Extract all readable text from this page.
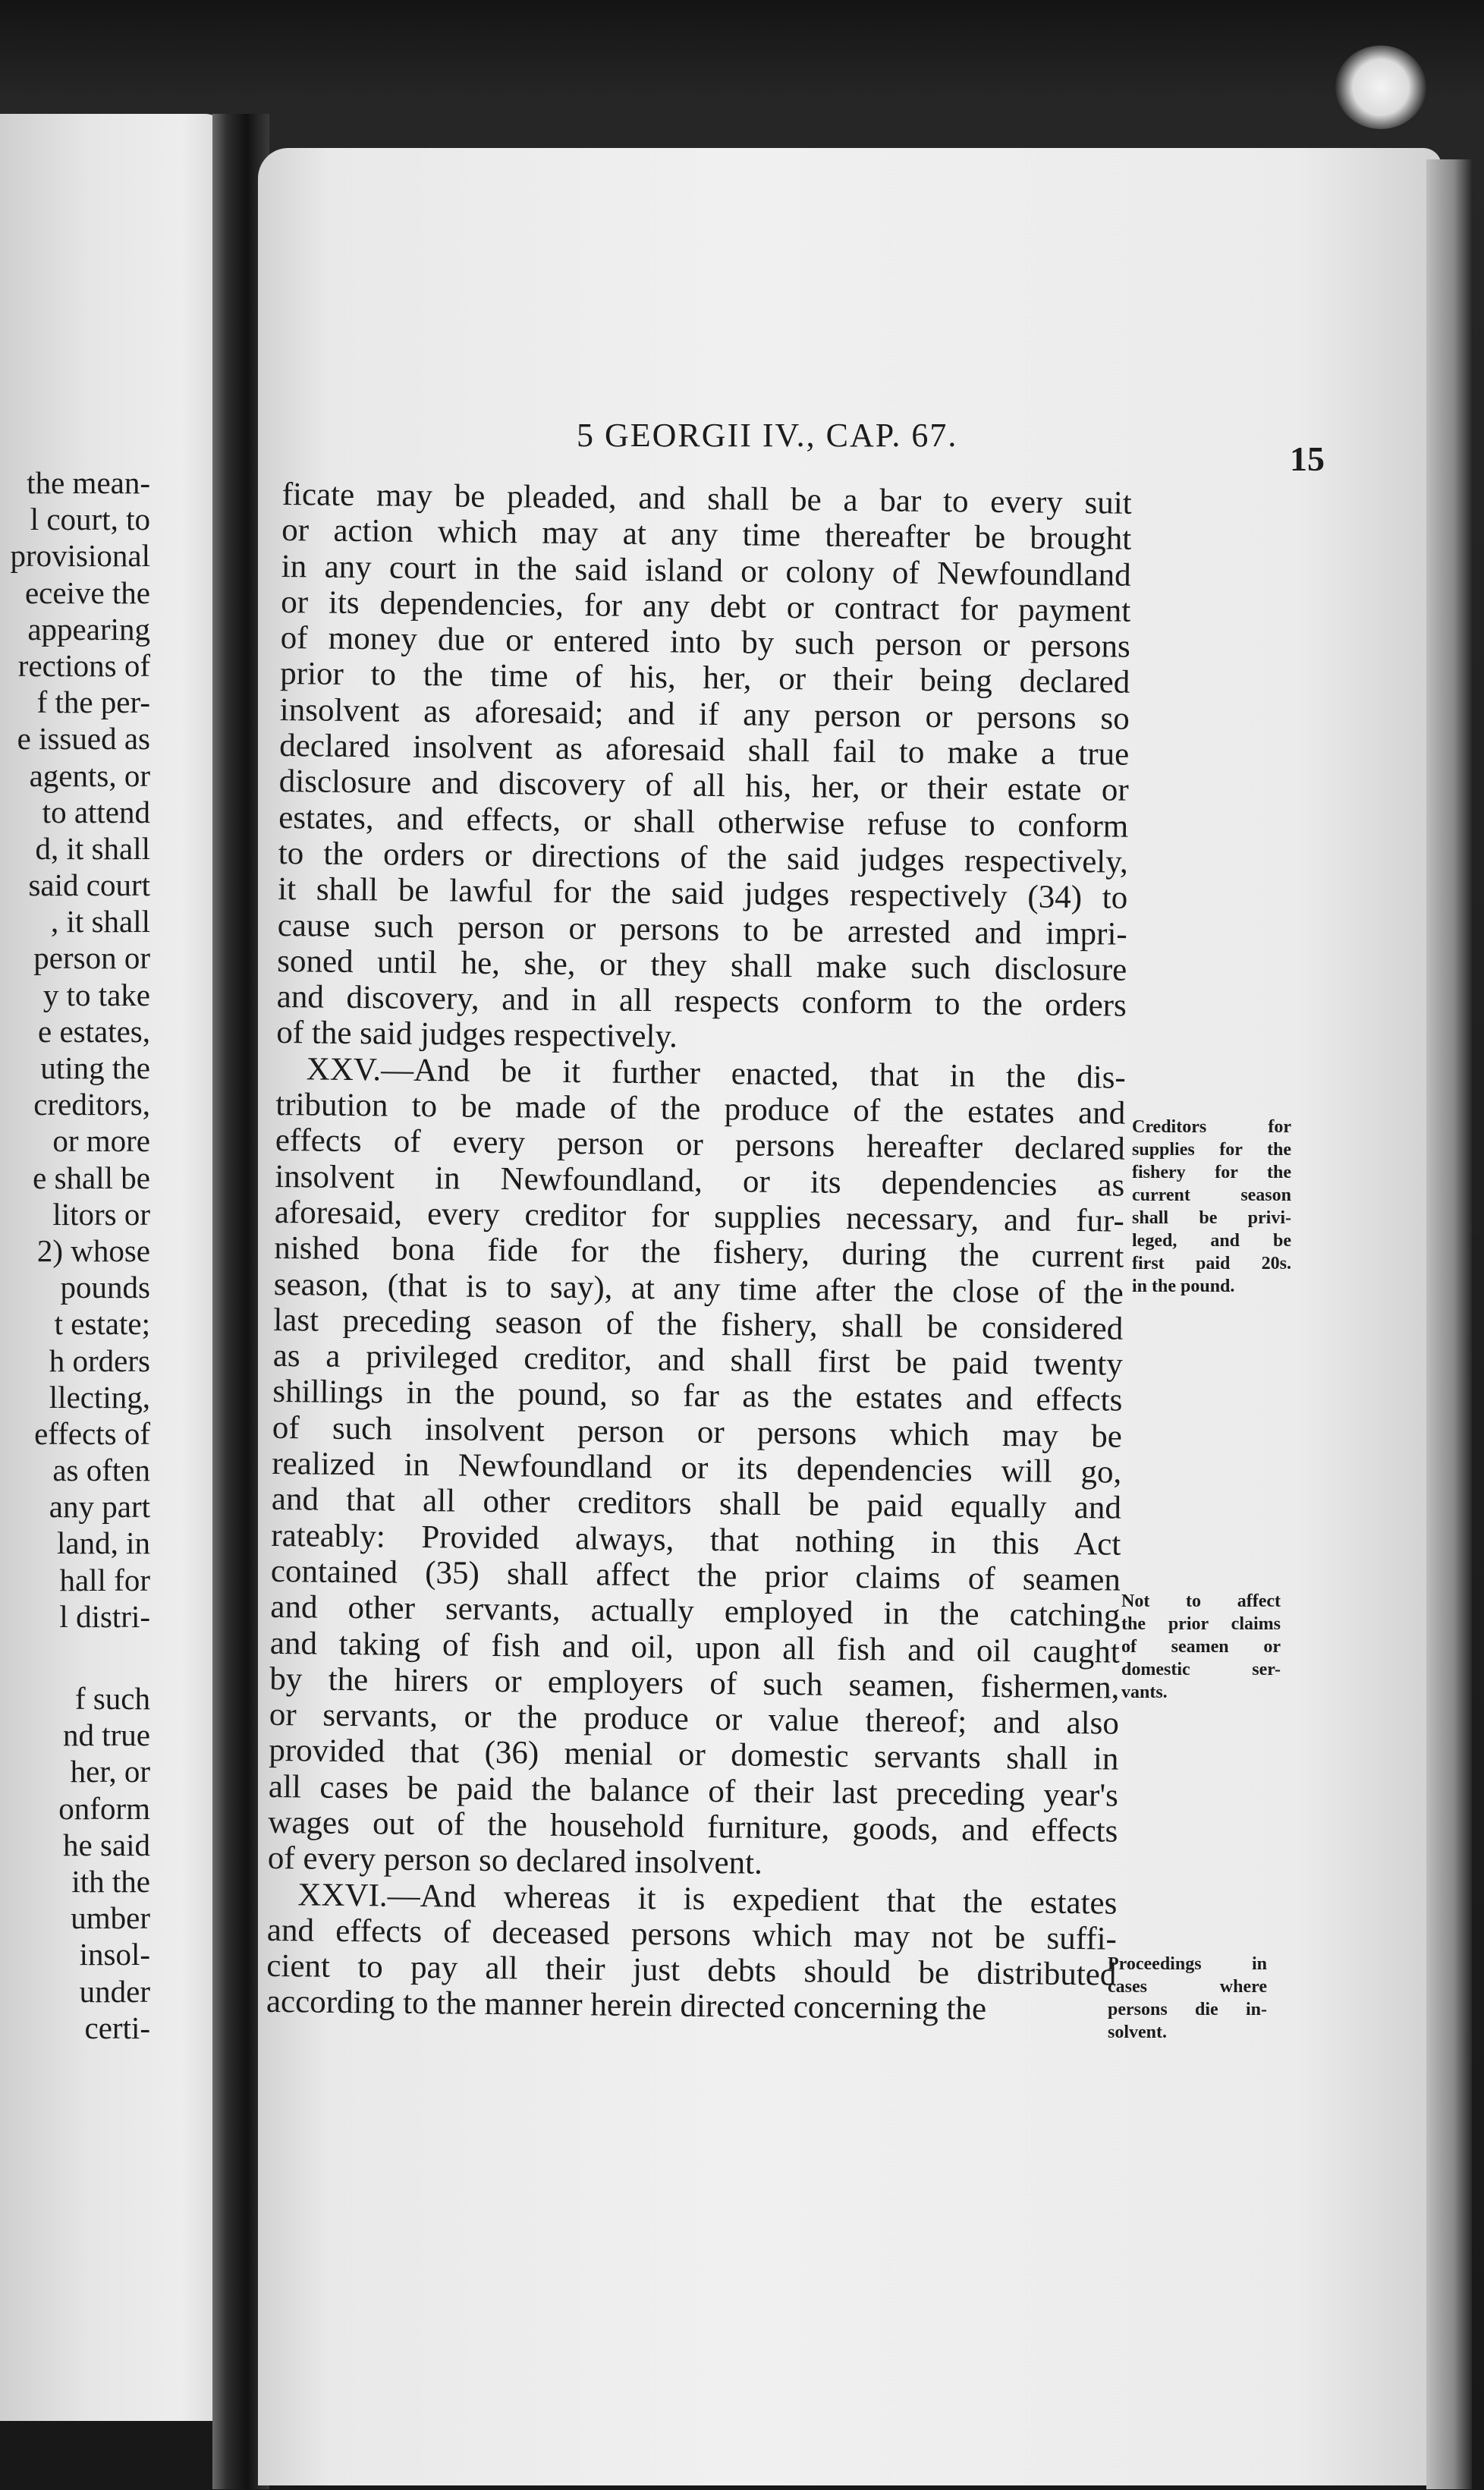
the mean-
l court, to
provisional
eceive the
appearing
rections of
f the per-
e issued as
agents, or
to attend
d, it shall
said court
, it shall
person or
y to take
e estates,
uting the
creditors,
or more
e shall be
litors or
2) whose
pounds
t estate;
h orders
llecting,
effects of
as often
any part
land, in
hall for
l distri-
f such
nd true
her, or
onform
he said
ith the
umber
insol-
under
certi-
5 GEORGII IV., CAP. 67.
15
ficate may be pleaded, and shall be a bar to every suit
or action which may at any time thereafter be brought
in any court in the said island or colony of Newfoundland
or its dependencies, for any debt or contract for payment
of money due or entered into by such person or persons
prior to the time of his, her, or their being declared
insolvent as aforesaid; and if any person or persons so
declared insolvent as aforesaid shall fail to make a true
disclosure and discovery of all his, her, or their estate or
estates, and effects, or shall otherwise refuse to conform
to the orders or directions of the said judges respectively,
it shall be lawful for the said judges respectively (34) to
cause such person or persons to be arrested and impri-
soned until he, she, or they shall make such disclosure
and discovery, and in all respects conform to the orders
of the said judges respectively.
XXV.—And be it further enacted, that in the dis-
tribution to be made of the produce of the estates and
effects of every person or persons hereafter declared
insolvent in Newfoundland, or its dependencies as
aforesaid, every creditor for supplies necessary, and fur-
nished bona fide for the fishery, during the current
season, (that is to say), at any time after the close of the
last preceding season of the fishery, shall be considered
as a privileged creditor, and shall first be paid twenty
shillings in the pound, so far as the estates and effects
of such insolvent person or persons which may be
realized in Newfoundland or its dependencies will go,
and that all other creditors shall be paid equally and
rateably: Provided always, that nothing in this Act
contained (35) shall affect the prior claims of seamen
and other servants, actually employed in the catching
and taking of fish and oil, upon all fish and oil caught
by the hirers or employers of such seamen, fishermen,
or servants, or the produce or value thereof; and also
provided that (36) menial or domestic servants shall in
all cases be paid the balance of their last preceding year's
wages out of the household furniture, goods, and effects
of every person so declared insolvent.
XXVI.—And whereas it is expedient that the estates
and effects of deceased persons which may not be suffi-
cient to pay all their just debts should be distributed
according to the manner herein directed concerning the
Creditors for
supplies for the
fishery for the
current season
shall be privi-
leged, and be
first paid 20s.
in the pound.
Not to affect
the prior claims
of seamen or
domestic ser-
vants.
Proceedings in
cases where
persons die in-
solvent.
